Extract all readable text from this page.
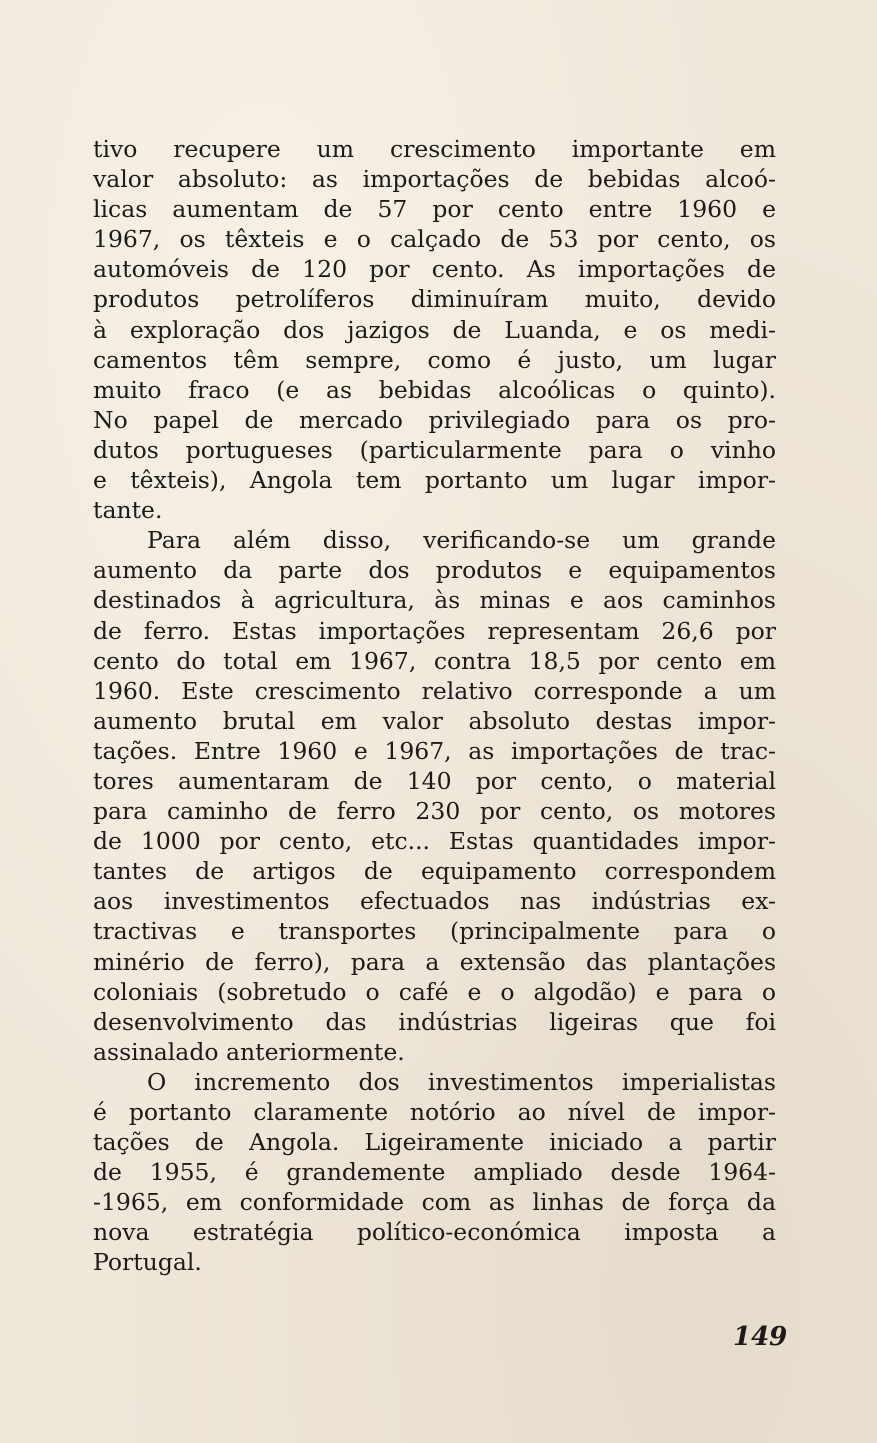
tivo recupere um crescimento importante em
valor absoluto: as importações de bebidas alcoó-
licas aumentam de 57 por cento entre 1960 e
1967, os têxteis e o calçado de 53 por cento, os
automóveis de 120 por cento. As importações de
produtos petrolíferos diminuíram muito, devido
à exploração dos jazigos de Luanda, e os medi-
camentos têm sempre, como é justo, um lugar
muito fraco (e as bebidas alcoólicas o quinto).
No papel de mercado privilegiado para os pro-
dutos portugueses (particularmente para o vinho
e têxteis), Angola tem portanto um lugar impor-
tante.
Para além disso, verificando-se um grande
aumento da parte dos produtos e equipamentos
destinados à agricultura, às minas e aos caminhos
de ferro. Estas importações representam 26,6 por
cento do total em 1967, contra 18,5 por cento em
1960. Este crescimento relativo corresponde a um
aumento brutal em valor absoluto destas impor-
tações. Entre 1960 e 1967, as importações de trac-
tores aumentaram de 140 por cento, o material
para caminho de ferro 230 por cento, os motores
de 1000 por cento, etc... Estas quantidades impor-
tantes de artigos de equipamento correspondem
aos investimentos efectuados nas indústrias ex-
tractivas e transportes (principalmente para o
minério de ferro), para a extensão das plantações
coloniais (sobretudo o café e o algodão) e para o
desenvolvimento das indústrias ligeiras que foi
assinalado anteriormente.
O incremento dos investimentos imperialistas
é portanto claramente notório ao nível de impor-
tações de Angola. Ligeiramente iniciado a partir
de 1955, é grandemente ampliado desde 1964-
-1965, em conformidade com as linhas de força da
nova estratégia político-económica imposta a
Portugal.
149
